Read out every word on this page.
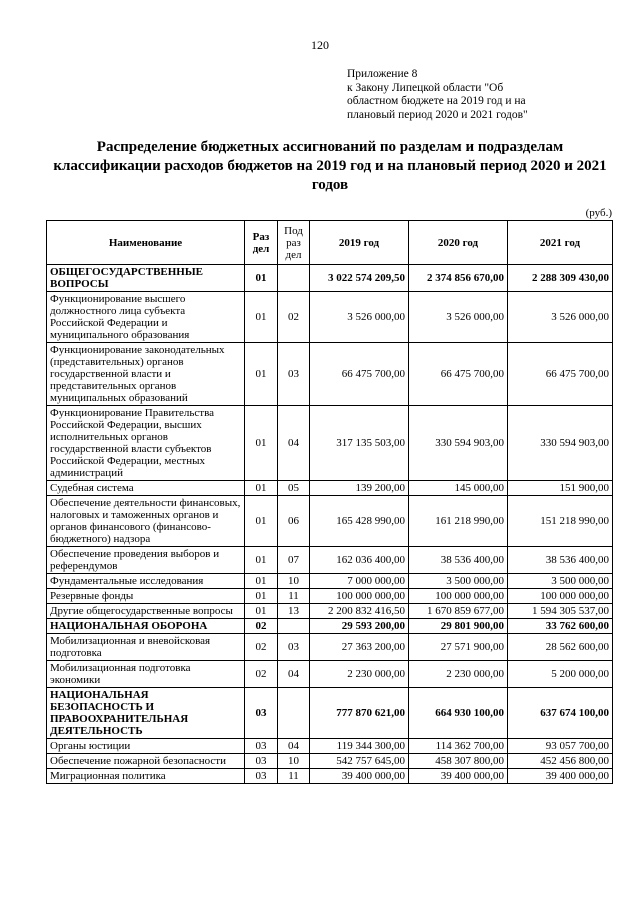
120
Приложение 8
к Закону Липецкой области "Об
областном бюджете на 2019 год и на
плановый период 2020 и 2021 годов"
Распределение бюджетных ассигнований по разделам и подразделам
классификации расходов бюджетов на 2019 год и на плановый период 2020 и 2021
годов
(руб.)
Наименование	Раз дел	Под раз дел	2019 год	2020 год	2021 год
ОБЩЕГОСУДАРСТВЕННЫЕ ВОПРОСЫ	01		3 022 574 209,50	2 374 856 670,00	2 288 309 430,00
Функционирование высшего должностного лица субъекта Российской Федерации и муниципального образования	01	02	3 526 000,00	3 526 000,00	3 526 000,00
Функционирование законодательных (представительных) органов государственной власти и представительных органов муниципальных образований	01	03	66 475 700,00	66 475 700,00	66 475 700,00
Функционирование Правительства Российской Федерации, высших исполнительных органов государственной власти субъектов Российской Федерации, местных администраций	01	04	317 135 503,00	330 594 903,00	330 594 903,00
Судебная система	01	05	139 200,00	145 000,00	151 900,00
Обеспечение деятельности финансовых, налоговых и таможенных органов и органов финансового (финансово-бюджетного) надзора	01	06	165 428 990,00	161 218 990,00	151 218 990,00
Обеспечение проведения выборов и референдумов	01	07	162 036 400,00	38 536 400,00	38 536 400,00
Фундаментальные исследования	01	10	7 000 000,00	3 500 000,00	3 500 000,00
Резервные фонды	01	11	100 000 000,00	100 000 000,00	100 000 000,00
Другие общегосударственные вопросы	01	13	2 200 832 416,50	1 670 859 677,00	1 594 305 537,00
НАЦИОНАЛЬНАЯ ОБОРОНА	02		29 593 200,00	29 801 900,00	33 762 600,00
Мобилизационная и вневойсковая подготовка	02	03	27 363 200,00	27 571 900,00	28 562 600,00
Мобилизационная подготовка экономики	02	04	2 230 000,00	2 230 000,00	5 200 000,00
НАЦИОНАЛЬНАЯ БЕЗОПАСНОСТЬ И ПРАВООХРАНИТЕЛЬНАЯ ДЕЯТЕЛЬНОСТЬ	03		777 870 621,00	664 930 100,00	637 674 100,00
Органы юстиции	03	04	119 344 300,00	114 362 700,00	93 057 700,00
Обеспечение пожарной безопасности	03	10	542 757 645,00	458 307 800,00	452 456 800,00
Миграционная политика	03	11	39 400 000,00	39 400 000,00	39 400 000,00
